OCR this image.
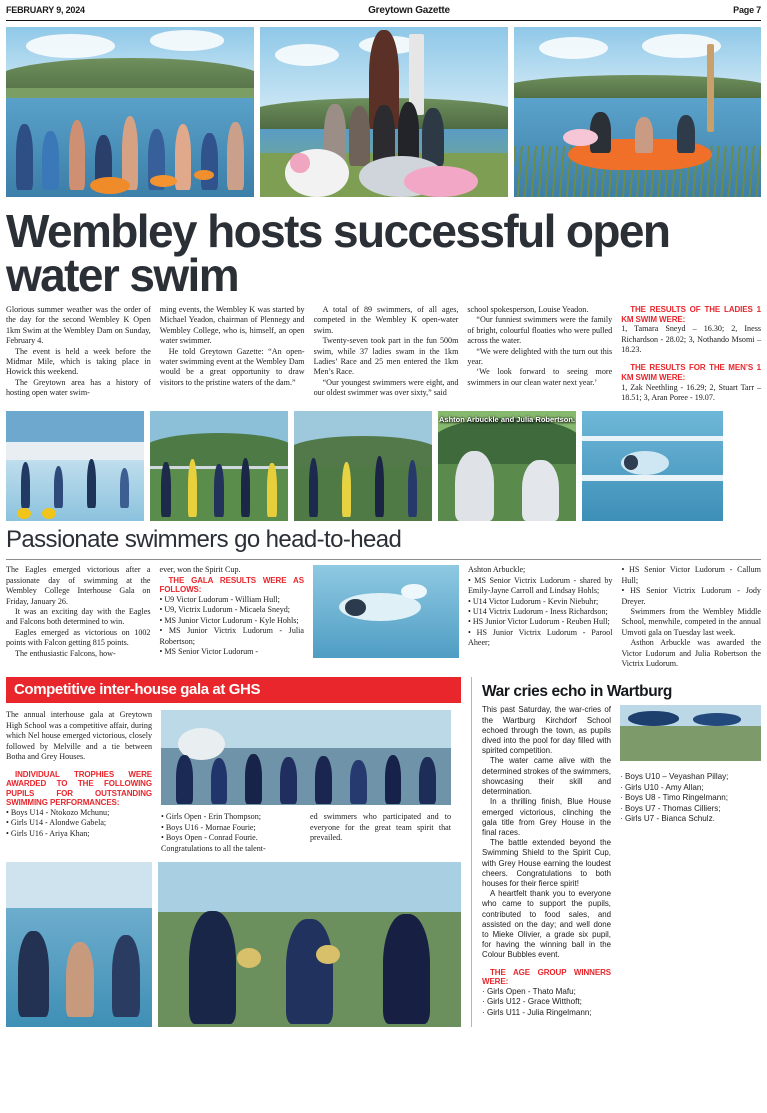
FEBRUARY 9, 2024	Greytown Gazette	Page 7
Wembley hosts successful open water swim

Glorious summer weather was the order of the day for the second Wembley K Open 1km Swim at the Wembley Dam on Sunday, February 4.

The event is held a week before the Midmar Mile, which is taking place in Howick this weekend.

The Greytown area has a history of hosting open water swim-

ming events, the Wembley K was started by Michael Yeadon, chairman of Plennegy and Wembley College, who is, himself, an open water swimmer.

He told Greytown Gazette: “An open-water swimming event at the Wembley Dam would be a great opportunity to draw visitors to the pristine waters of the dam.”

A total of 89 swimmers, of all ages, competed in the Wembley K open-water swim.

Twenty-seven took part in the fun 500m swim, while 37 ladies swam in the 1km Ladies’ Race and 25 men entered the 1km Men’s Race.

“Our youngest swimmers were eight, and our oldest swimmer was over sixty,” said

school spokesperson, Louise Yeadon.

“Our funniest swimmers were the family of bright, colourful floaties who were pulled across the water.

“We were delighted with the turn out this year.

‘We look forward to seeing more swimmers in our clean water next year.’

THE RESULTS OF THE LADIES 1 KM SWIM WERE:

1, Tamara Sneyd – 16.30; 2, Iness Richardson - 28.02; 3, Nothando Msomi – 18.23.

THE RESULTS FOR THE MEN’S 1 KM SWIM WERE:

1, Zak Neethling - 16.29; 2, Stuart Tarr – 18.51; 3, Aran Poree - 19.07.

Ashton Arbuckle and Julia Robertson.
Passionate swimmers go head-to-head

The Eagles emerged victorious after a passionate day of swimming at the Wembley College Interhouse Gala on Friday, January 26.

It was an exciting day with the Eagles and Falcons both determined to win.

Eagles emerged as victorious on 1002 points with Falcon getting 815 points.

The enthusiastic Falcons, how-

ever, won the Spirit Cup.

THE GALA RESULTS WERE AS FOLLOWS:

• U9 Victor Ludorum - William Hull;
• U9, Victrix Ludorum - Micaela Sneyd;
• MS Junior Victor Ludorum - Kyle Hohls;
• MS Junior Victrix Ludorum - Julia Robertson;
• MS Senior Victor Ludorum -
Ashton Arbuckle;
• MS Senior Victrix Ludorum - shared by Emily-Jayne Carroll and Lindsay Hohls;
• U14 Victor Ludorum - Kevin Niebuhr;
• U14 Victrix Ludorum - Iness Richardson;
• HS Junior Victor Ludorum - Reuben Hull;
• HS Junior Victrix Ludorum - Parool Aheer;
• HS Senior Victor Ludorum - Callum Hull;
• HS Senior Victrix Ludorum - Jody Dreyer.

Swimmers from the Wembley Middle School, menwhile, competed in the annual Umvoti gala on Tuesday last week.

Asthon Arbuckle was awarded the Victor Ludorum and Julia Robertson the Victrix Ludorum.

Competitive inter-house gala at GHS

The annual interhouse gala at Greytown High School was a competitive affair, during which Nel house emerged victorious, closely followed by Melville and a tie between Botha and Grey Houses.

INDIVIDUAL TROPHIES WERE AWARDED TO THE FOLLOWING PUPILS FOR OUTSTANDING SWIMMING PERFORMANCES:

• Boys U14 - Ntokozo Mchunu;
• Girls U14 - Alondwe Gabela;
• Girls U16 - Ariya Khan;
• Girls Open - Erin Thompson;
• Boys U16 - Mornae Fourie;
• Boys Open - Conrad Fourie.

Congratulations to all the talent-

ed swimmers who participated and to everyone for the great team spirit that prevailed.

War cries echo in Wartburg

This past Saturday, the war-cries of the Wartburg Kirchdorf School echoed through the town, as pupils dived into the pool for day filled with spirited competition.

The water came alive with the determined strokes of the swimmers, showcasing their skill and determination.

In a thrilling finish, Blue House emerged victorious, clinching the gala title from Grey House in the final races.

The battle extended beyond the Swimming Shield to the Spirit Cup, with Grey House earning the loudest cheers. Congratulations to both houses for their fierce spirit!

A heartfelt thank you to everyone who came to support the pupils, contributed to food sales, and assisted on the day; and well done to Mieke Olivier, a grade six pupil, for having the winning ball in the Colour Bubbles event.

THE AGE GROUP WINNERS WERE:

· Girls Open - Thato Mafu;
· Girls U12 - Grace Witthoft;
· Girls U11 - Julia Ringelmann;
· Boys U10 – Veyashan Pillay;
· Girls U10 - Amy Allan;
· Boys U8 - Timo Ringelmann;
· Boys U7 - Thomas Cilliers;
· Girls U7 - Bianca Schulz.
